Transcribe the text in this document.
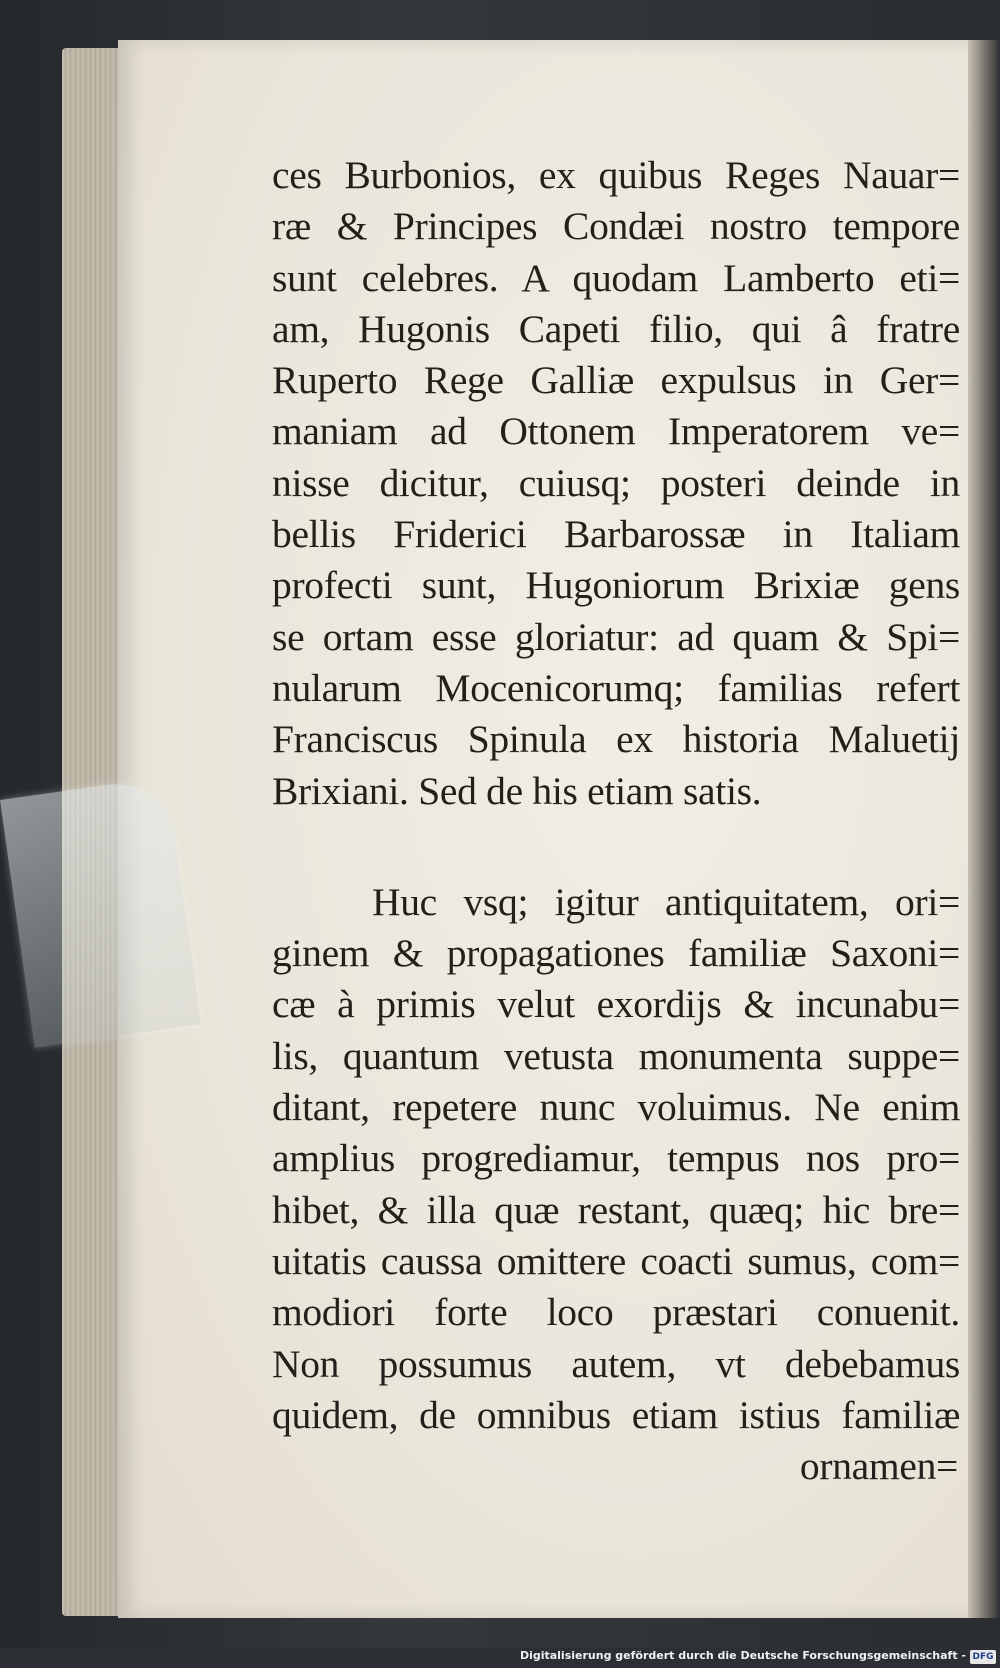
ces Burbonios, ex quibus Reges Nauar=
ræ & Principes Condæi nostro tempore
sunt celebres. A quodam Lamberto eti=
am, Hugonis Capeti filio, qui â fratre
Ruperto Rege Galliæ expulsus in Ger=
maniam ad Ottonem Imperatorem ve=
nisse dicitur, cuiusq; posteri deinde in
bellis Friderici Barbarossæ in Italiam
profecti sunt, Hugoniorum Brixiæ gens
se ortam esse gloriatur: ad quam & Spi=
nularum Mocenicorumq; familias refert
Franciscus Spinula ex historia Maluetij
Brixiani. Sed de his etiam satis.
Huc vsq; igitur antiquitatem, ori=
ginem & propagationes familiæ Saxoni=
cæ à primis velut exordijs & incunabu=
lis, quantum vetusta monumenta suppe=
ditant, repetere nunc voluimus. Ne enim
amplius progrediamur, tempus nos pro=
hibet, & illa quæ restant, quæq; hic bre=
uitatis caussa omittere coacti sumus, com=
modiori forte loco præstari conuenit.
Non possumus autem, vt debebamus
quidem, de omnibus etiam istius familiæ
ornamen=
Digitalisierung gefördert durch die Deutsche Forschungsgemeinschaft - DFG
